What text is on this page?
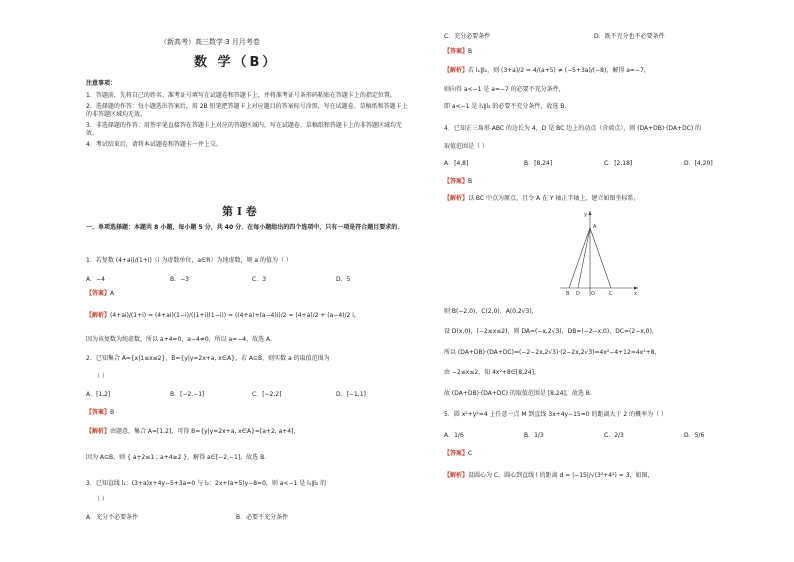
（新高考）高三数学 3 月月考卷
数 学（B）
注意事项：

1．答题前，先将自己的姓名、准考证号填写在试题卷和答题卡上，并将准考证号条形码粘贴在答题卡上的指定位置。

2．选择题的作答：每小题选出答案后，用 2B 铅笔把答题卡上对应题目的答案标号涂黑，写在试题卷、草稿纸和答题卡上的非答题区域均无效。

3．非选择题的作答：用签字笔直接答在答题卡上对应的答题区域内。写在试题卷、草稿纸和答题卡上的非答题区域均无效。

4．考试结束后，请将本试题卷和答题卡一并上交。

第 Ⅰ 卷
一、单项选择题：本题共 8 小题，每小题 5 分，共 40 分．在每小题给出的四个选项中，只有一项是符合题目要求的．
1．若复数 (4+ai)/(1+i)（i 为虚数单位，a∈R）为纯虚数，则 a 的值为（ ）
A．−4	B．−3	C．3	D．5
【答案】A
【解析】(4+ai)/(1+i) = (4+ai)(1−i)/((1+i)(1−i)) = ((4+a)+(a−4)i)/2 = (4+a)/2 + (a−4)/2 i，
因为该复数为纯虚数，所以 a+4=0，a−4≠0，所以 a=−4，故选 A．
2．已知集合 A={x|1≤x≤2}，B={y|y=2x+a, x∈A}，若 A⊆B，则实数 a 的取值范围为
（ ）
A．[1,2]	B．[−2,−1]	C．[−2,2]	D．[−1,1]
【答案】B
【解析】由题意，集合 A=[1,2]，可得 B={y|y=2x+a, x∈A}=[a+2, a+4]，
因为 A⊆B，则 { a+2≤1 ; a+4≥2 }，解得 a∈[−2,−1]，故选 B．
3．已知直线 l₁：(3+a)x+4y−5+3a=0 与 l₂：2x+(a+5)y−8=0，则 a<−1 是 l₁∥l₂ 的
（ ）
A．充分不必要条件	B．必要不充分条件
C．充分必要条件	D．既不充分也不必要条件
【答案】B
【解析】若 l₁∥l₂，则 (3+a)/2 = 4/(a+5) ≠ (−5+3a)/(−8)，解得 a=−7，
则向得 a<−1 是 a=−7 的必要不充分条件，
即 a<−1 是 l₁∥l₂ 的必要不充分条件，故选 B．
4．已知正三角形 ABC 的边长为 4，D 是 BC 边上的动点（含端点），则 (DA+DB)·(DA+DC) 的
取值范围是（ ）
A．[4,8]	B．[8,24]	C．[2,18]	D．[4,20]
【答案】B
【解析】以 BC 中点为原点，且令 A 在 Y 轴正半轴上，建立如图坐标系，
y
A
B D O	C	x
则 B(−2,0)，C(2,0)，A(0,2√3)，
设 D(x,0)，(−2≤x≤2)，则 DA=(−x,2√3)，DB=(−2−x,0)，DC=(2−x,0)，
所以 (DA+DB)·(DA+DC)=(−2−2x,2√3)·(2−2x,2√3)=4x²−4+12=4x²+8，
由 −2≤x≤2，知 4x²+8∈[8,24]，
故 (DA+DB)·(DA+DC) 的取值范围是 [8,24]，故选 B．
5．圆 x²+y²=4 上任意一点 M 到直线 3x+4y−15=0 的距离大于 2 的概率为（ ）
A．1/6	B．1/3	C．2/3	D．5/6
【答案】C
【解析】设圆心为 C，圆心到直线 l 的距离 d = |−15|/√(3²+4²) = 3，如图，
